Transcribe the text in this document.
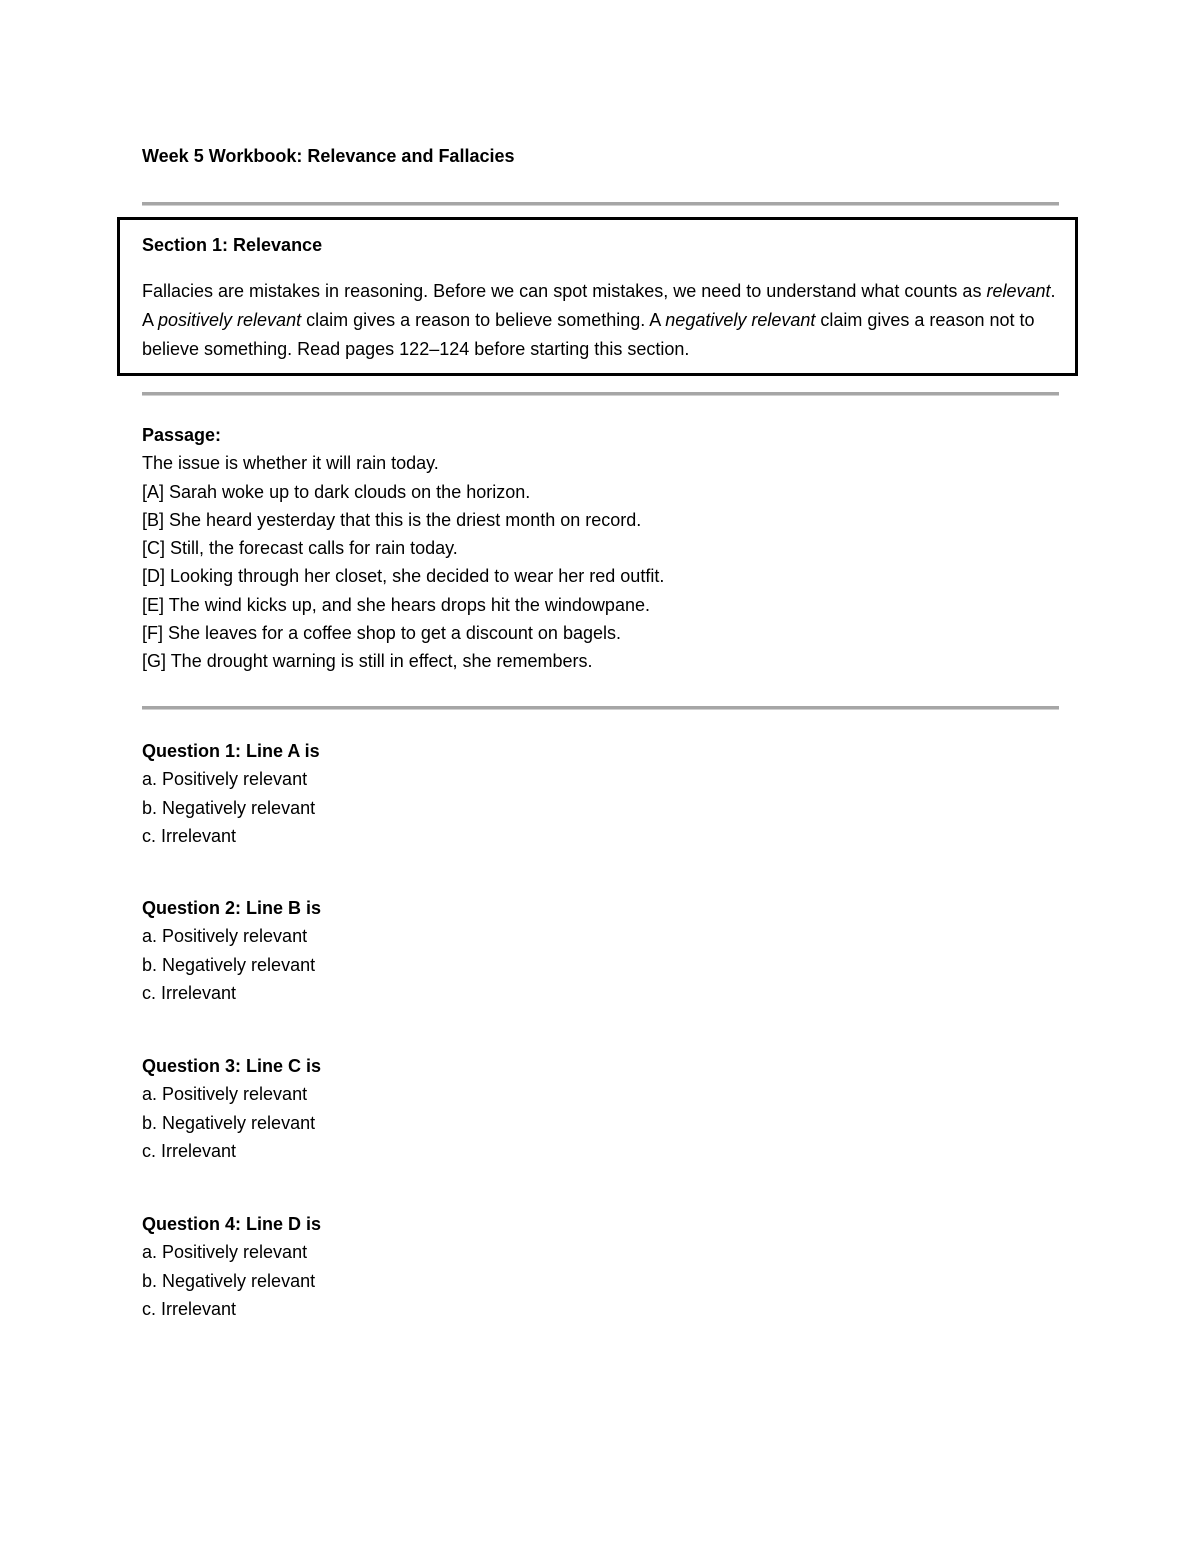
Week 5 Workbook: Relevance and Fallacies
Section 1: Relevance
Fallacies are mistakes in reasoning. Before we can spot mistakes, we need to understand what counts as relevant. A positively relevant claim gives a reason to believe something. A negatively relevant claim gives a reason not to believe something. Read pages 122–124 before starting this section.
Passage:
The issue is whether it will rain today.
[A] Sarah woke up to dark clouds on the horizon.
[B] She heard yesterday that this is the driest month on record.
[C] Still, the forecast calls for rain today.
[D] Looking through her closet, she decided to wear her red outfit.
[E] The wind kicks up, and she hears drops hit the windowpane.
[F] She leaves for a coffee shop to get a discount on bagels.
[G] The drought warning is still in effect, she remembers.
Question 1: Line A is
a. Positively relevant
b. Negatively relevant
c. Irrelevant
Question 2: Line B is
a. Positively relevant
b. Negatively relevant
c. Irrelevant
Question 3: Line C is
a. Positively relevant
b. Negatively relevant
c. Irrelevant
Question 4: Line D is
a. Positively relevant
b. Negatively relevant
c. Irrelevant
